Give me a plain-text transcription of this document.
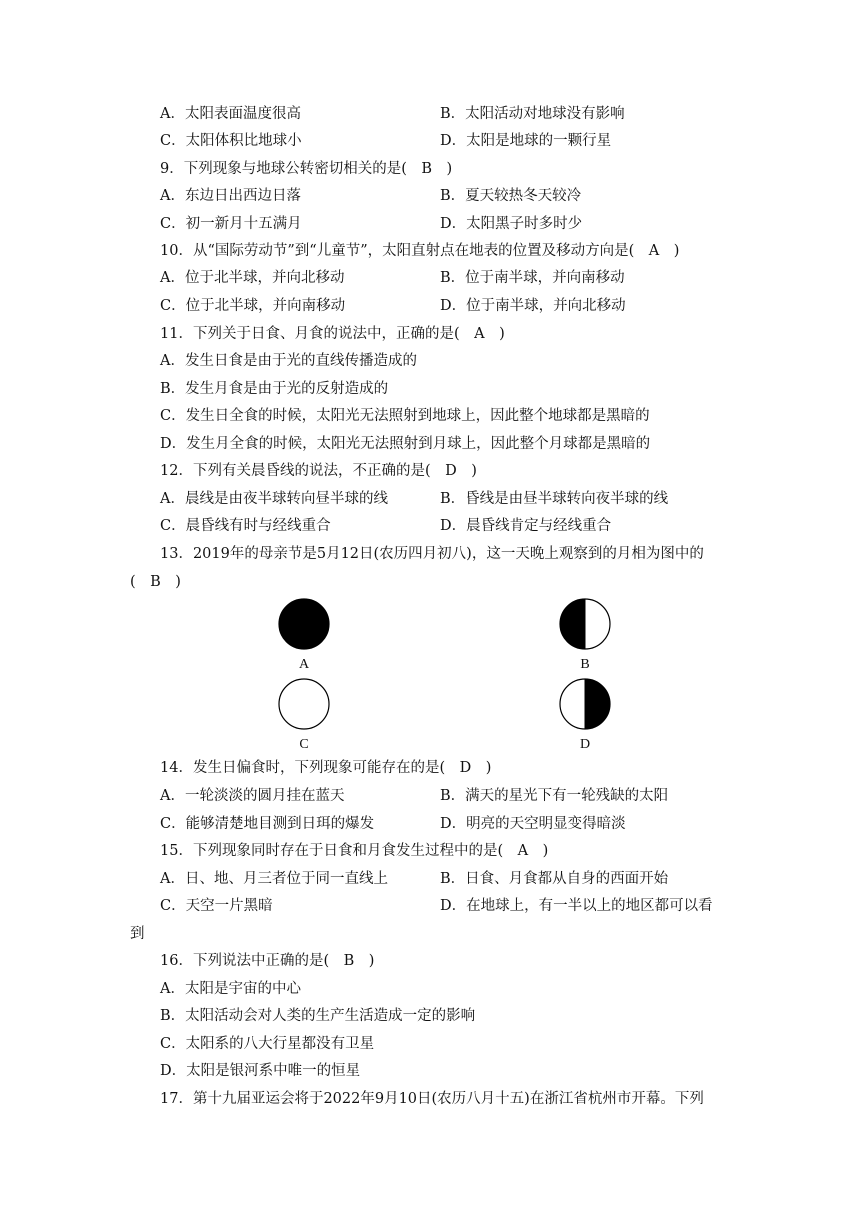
A．太阳表面温度很高	B．太阳活动对地球没有影响
C．太阳体积比地球小	D．太阳是地球的一颗行星
9．下列现象与地球公转密切相关的是(　B　)
A．东边日出西边日落	B．夏天较热冬天较冷
C．初一新月十五满月	D．太阳黑子时多时少
10．从“国际劳动节”到“儿童节”，太阳直射点在地表的位置及移动方向是(　A　)
A．位于北半球，并向北移动	B．位于南半球，并向南移动
C．位于北半球，并向南移动	D．位于南半球，并向北移动
11．下列关于日食、月食的说法中，正确的是(　A　)
A．发生日食是由于光的直线传播造成的
B．发生月食是由于光的反射造成的
C．发生日全食的时候，太阳光无法照射到地球上，因此整个地球都是黑暗的
D．发生月全食的时候，太阳光无法照射到月球上，因此整个月球都是黑暗的
12．下列有关晨昏线的说法，不正确的是(　D　)
A．晨线是由夜半球转向昼半球的线	B．昏线是由昼半球转向夜半球的线
C．晨昏线有时与经线重合	D．晨昏线肯定与经线重合
13．2019年的母亲节是5月12日(农历四月初八)，这一天晚上观察到的月相为图中的
(　B　)
A	B
C	D
14．发生日偏食时，下列现象可能存在的是(　D　)
A．一轮淡淡的圆月挂在蓝天	B．满天的星光下有一轮残缺的太阳
C．能够清楚地目测到日珥的爆发	D．明亮的天空明显变得暗淡
15．下列现象同时存在于日食和月食发生过程中的是(　A　)
A．日、地、月三者位于同一直线上	B．日食、月食都从自身的西面开始
C．天空一片黑暗	D．在地球上，有一半以上的地区都可以看
到
16．下列说法中正确的是(　B　)
A．太阳是宇宙的中心
B．太阳活动会对人类的生产生活造成一定的影响
C．太阳系的八大行星都没有卫星
D．太阳是银河系中唯一的恒星
17．第十九届亚运会将于2022年9月10日(农历八月十五)在浙江省杭州市开幕。下列
